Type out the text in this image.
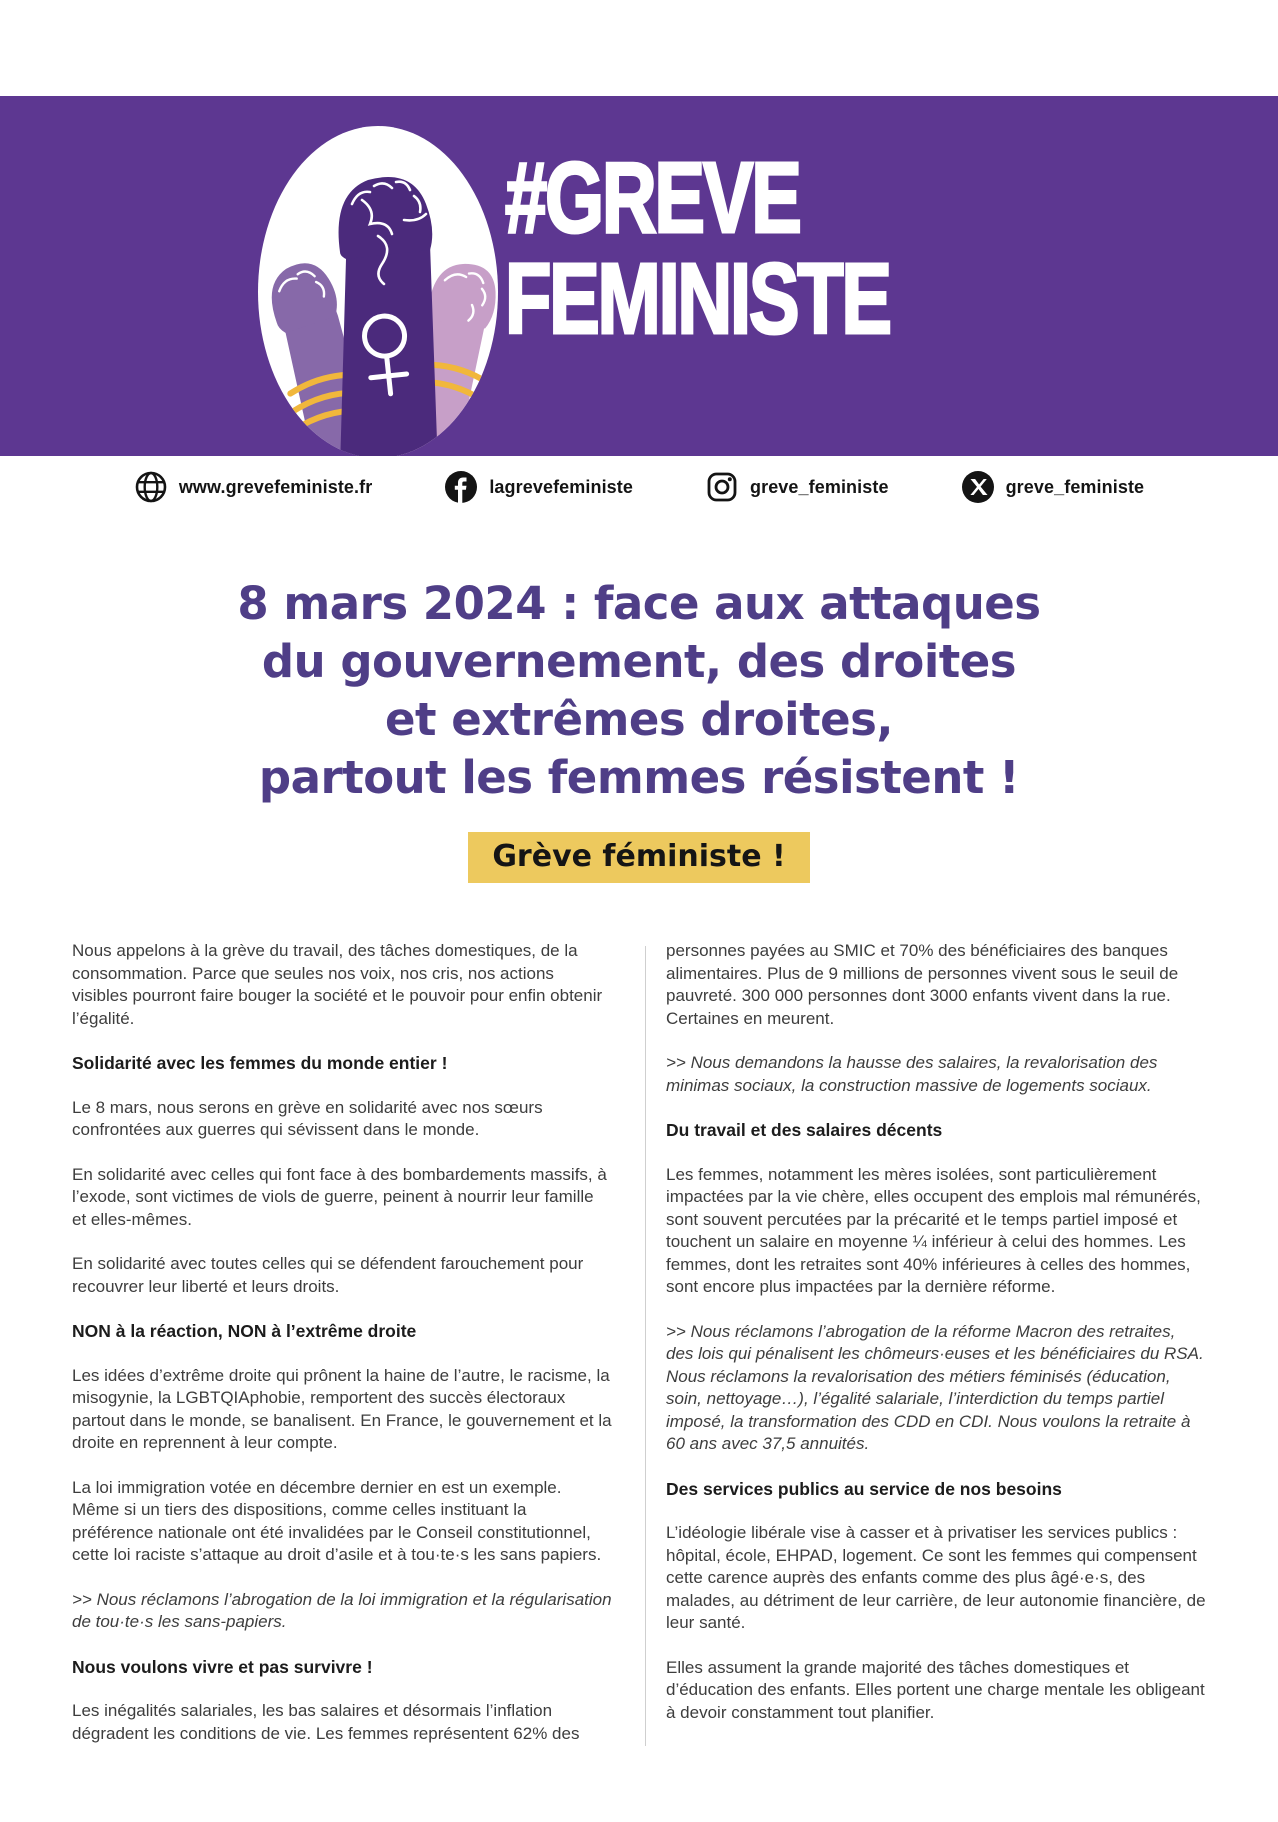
#GREVE
FEMINISTE
www.grevefeministe.fr	lagrevefeministe	greve_feministe	greve_feministe
8 mars 2024 : face aux attaques
du gouvernement, des droites
et extrêmes droites,
partout les femmes résistent !
Grève féministe !

Nous appelons à la grève du travail, des tâches domestiques, de la consommation. Parce que seules nos voix, nos cris, nos actions visibles pourront faire bouger la société et le pouvoir pour enfin obtenir l’égalité.

Solidarité avec les femmes du monde entier !

Le 8 mars, nous serons en grève en solidarité avec nos sœurs confrontées aux guerres qui sévissent dans le monde.

En solidarité avec celles qui font face à des bombardements massifs, à l’exode, sont victimes de viols de guerre, peinent à nourrir leur famille et elles-mêmes.

En solidarité avec toutes celles qui se défendent farouchement pour recouvrer leur liberté et leurs droits.

NON à la réaction, NON à l’extrême droite

Les idées d’extrême droite qui prônent la haine de l’autre, le racisme, la misogynie, la LGBTQIAphobie, remportent des succès électoraux partout dans le monde, se banalisent. En France, le gouvernement et la droite en reprennent à leur compte.

La loi immigration votée en décembre dernier en est un exemple. Même si un tiers des dispositions, comme celles instituant la préférence nationale ont été invalidées par le Conseil constitutionnel, cette loi raciste s’attaque au droit d’asile et à tou·te·s les sans papiers.

>> Nous réclamons l’abrogation de la loi immigration et la régularisation de tou·te·s les sans-papiers.

Nous voulons vivre et pas survivre !

Les inégalités salariales, les bas salaires et désormais l’inflation dégradent les conditions de vie. Les femmes représentent 62% des

personnes payées au SMIC et 70% des bénéficiaires des banques alimentaires. Plus de 9 millions de personnes vivent sous le seuil de pauvreté. 300 000 personnes dont 3000 enfants vivent dans la rue. Certaines en meurent.

>> Nous demandons la hausse des salaires, la revalorisation des minimas sociaux, la construction massive de logements sociaux.

Du travail et des salaires décents

Les femmes, notamment les mères isolées, sont particulièrement impactées par la vie chère, elles occupent des emplois mal rémunérés, sont souvent percutées par la précarité et le temps partiel imposé et touchent un salaire en moyenne ¼ inférieur à celui des hommes. Les femmes, dont les retraites sont 40% inférieures à celles des hommes, sont encore plus impactées par la dernière réforme.

>> Nous réclamons l’abrogation de la réforme Macron des retraites, des lois qui pénalisent les chômeurs·euses et les bénéficiaires du RSA. Nous réclamons la revalorisation des métiers féminisés (éducation, soin, nettoyage…), l’égalité salariale, l’interdiction du temps partiel imposé, la transformation des CDD en CDI. Nous voulons la retraite à 60 ans avec 37,5 annuités.

Des services publics au service de nos besoins

L’idéologie libérale vise à casser et à privatiser les services publics : hôpital, école, EHPAD, logement. Ce sont les femmes qui compensent cette carence auprès des enfants comme des plus âgé·e·s, des malades, au détriment de leur carrière, de leur autonomie financière, de leur santé.

Elles assument la grande majorité des tâches domestiques et d’éducation des enfants. Elles portent une charge mentale les obligeant à devoir constamment tout planifier.
